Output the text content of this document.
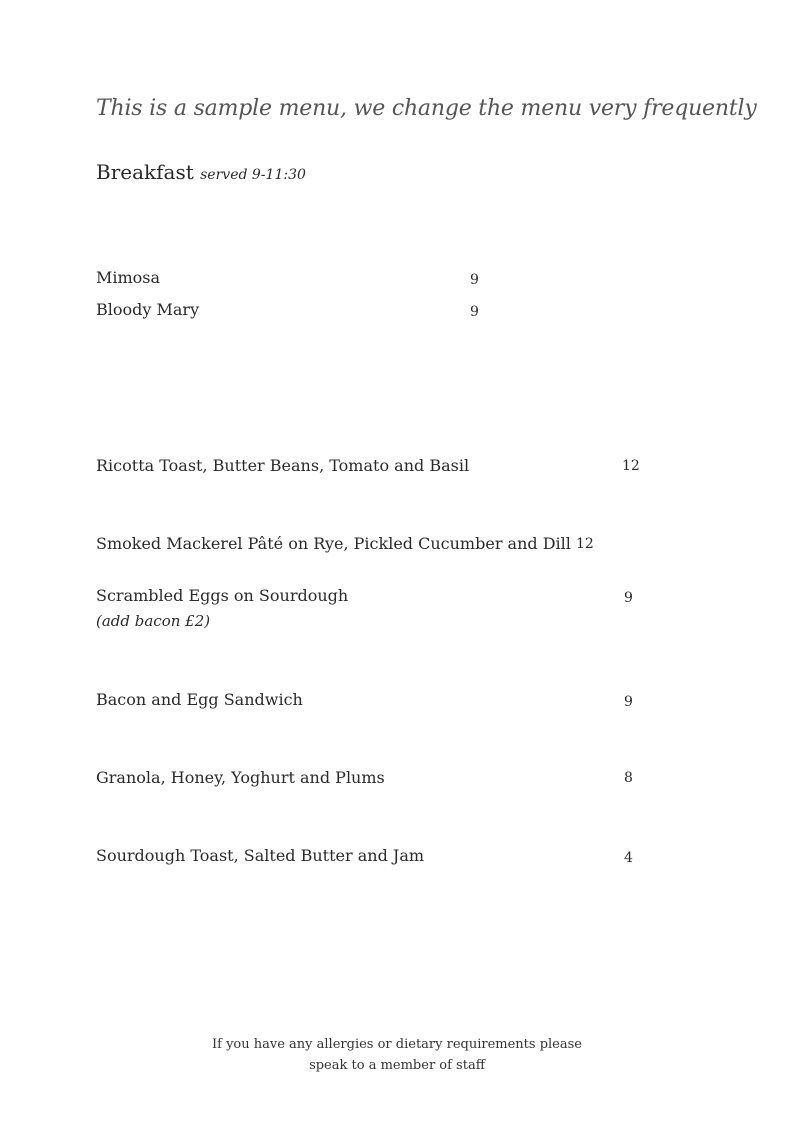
This is a sample menu, we change the menu very frequently
Breakfast served 9-11:30
Mimosa	9
Bloody Mary	9
Ricotta Toast, Butter Beans, Tomato and Basil	12
Smoked Mackerel Pâté on Rye, Pickled Cucumber and Dill 12
Scrambled Eggs on Sourdough	9
(add bacon £2)
Bacon and Egg Sandwich	9
Granola, Honey, Yoghurt and Plums	8
Sourdough Toast, Salted Butter and Jam	4
If you have any allergies or dietary requirements please
speak to a member of staff
